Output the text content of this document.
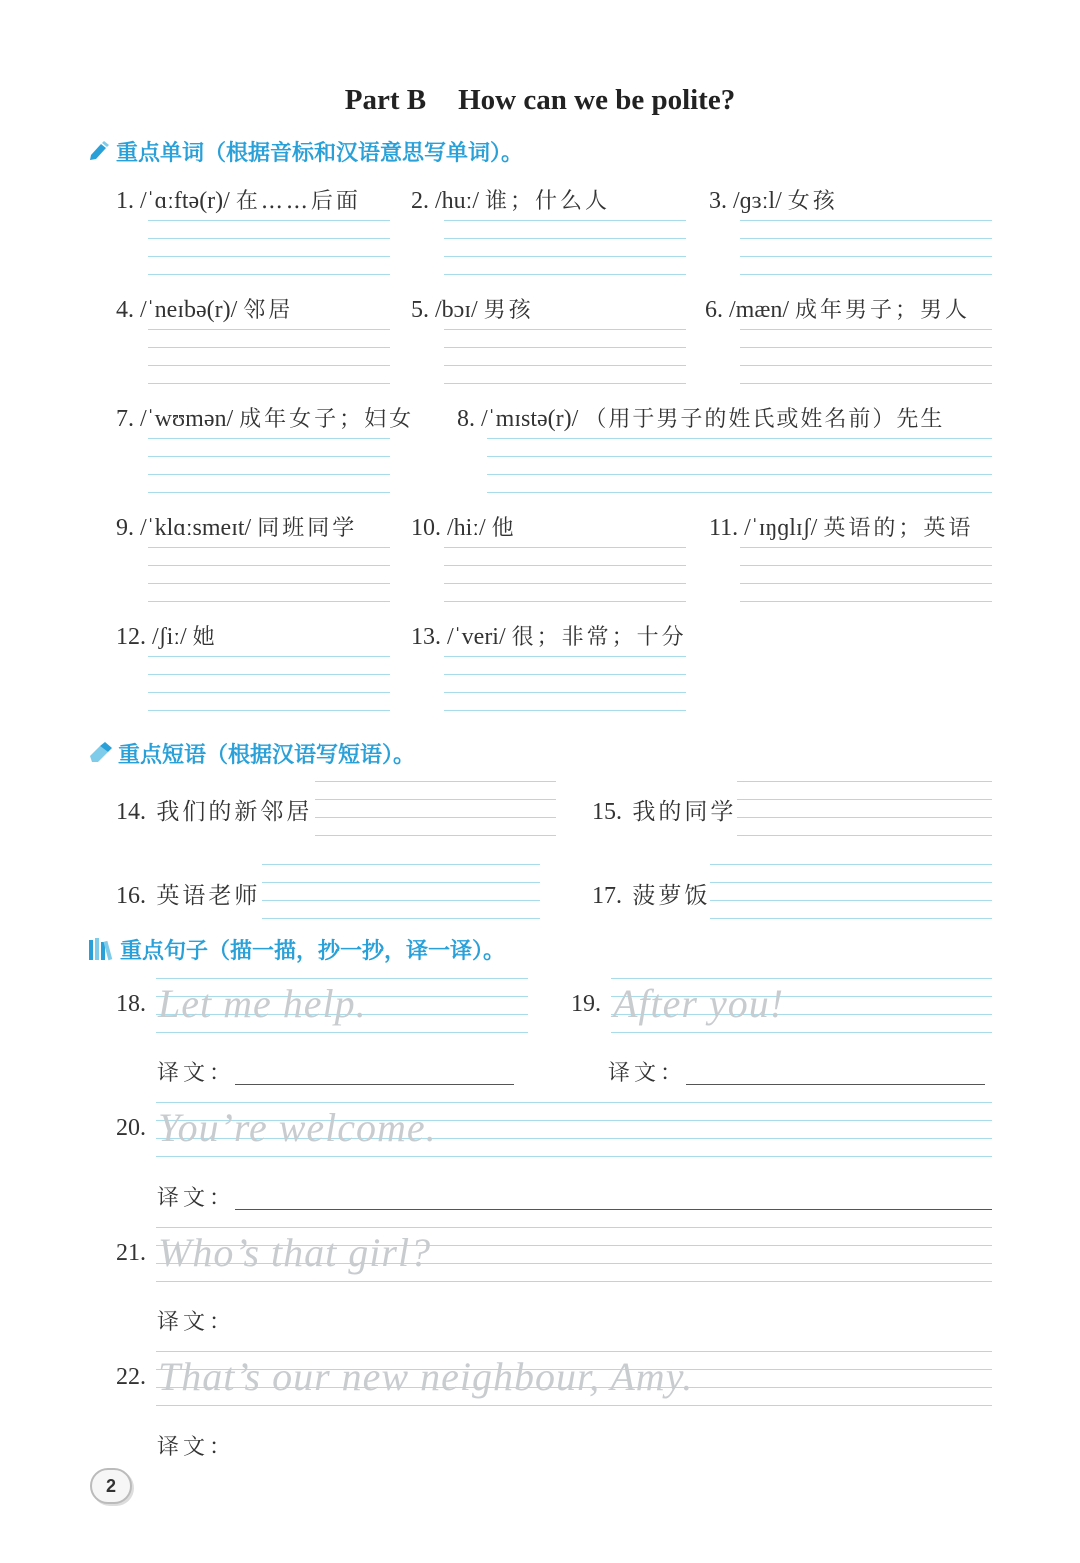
Part B How can we be polite?
重点单词（根据音标和汉语意思写单词）。
1. /ˈɑːftə(r)/ 在……后面 2. /huː/ 谁；什么人	3. /ɡɜːl/ 女孩
4. /ˈneɪbə(r)/ 邻居	5. /bɔɪ/ 男孩	6. /mæn/ 成年男子；男人
7. /ˈwʊmən/ 成年女子；妇女 8. /ˈmɪstə(r)/ （用于男子的姓氏或姓名前）先生
9. /ˈklɑːsmeɪt/ 同班同学 10. /hiː/ 他	11. /ˈɪŋɡlɪʃ/ 英语的；英语
12. /ʃiː/ 她	13. /ˈveri/ 很；非常；十分
重点短语（根据汉语写短语）。
14. 我们的新邻居	15. 我的同学
16. 英语老师	17. 菠萝饭
重点句子（描一描，抄一抄，译一译）。
18. Let me help.	19. After you!
译文：	译文：
20. You’re welcome.
译文：
21. Who’s that girl?
译文：
22. That’s our new neighbour, Amy.
译文：
2
